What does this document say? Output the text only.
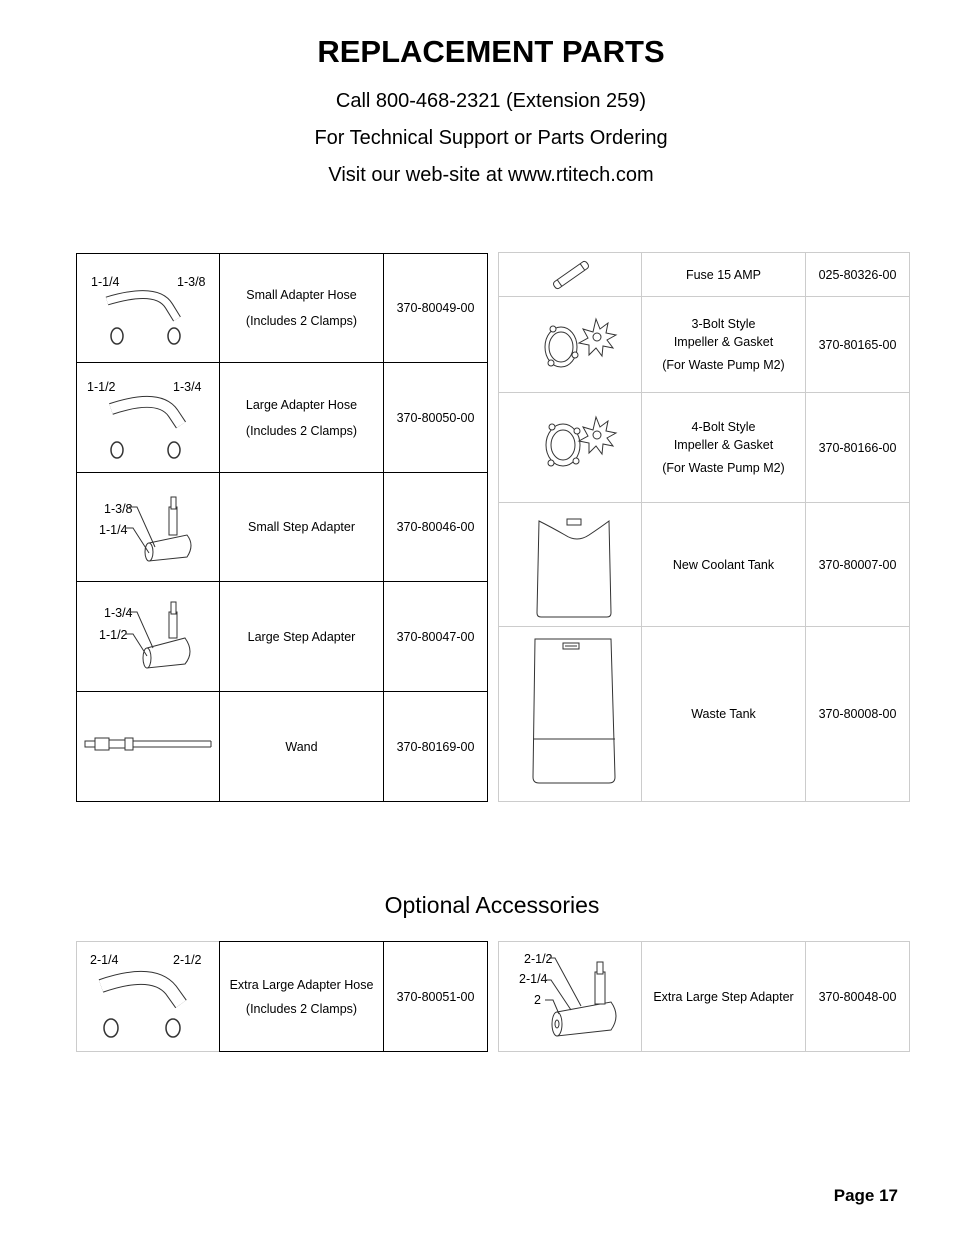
REPLACEMENT PARTS
Call 800-468-2321 (Extension 259)
For Technical Support or Parts Ordering
Visit our web-site at www.rtitech.com
1-1/4	1-3/8
Small Adapter Hose
(Includes 2 Clamps)
370-80049-00
1-1/2	1-3/4
Large Adapter Hose
(Includes 2 Clamps)
370-80050-00
1-3/8
1-1/4	Small Step Adapter	370-80046-00
1-3/4
1-1/2	Large Step Adapter	370-80047-00
Wand	370-80169-00
Fuse 15 AMP	025-80326-00
3-Bolt Style
Impeller & Gasket
(For Waste Pump M2)
370-80165-00
4-Bolt Style
Impeller & Gasket
(For Waste Pump M2)
370-80166-00
New Coolant Tank	370-80007-00
Waste Tank	370-80008-00
Optional Accessories
2-1/4	2-1/2
Extra Large Adapter Hose
(Includes 2 Clamps)
370-80051-00
2-1/2
2-1/4
2	Extra Large Step Adapter 370-80048-00
Page 17
